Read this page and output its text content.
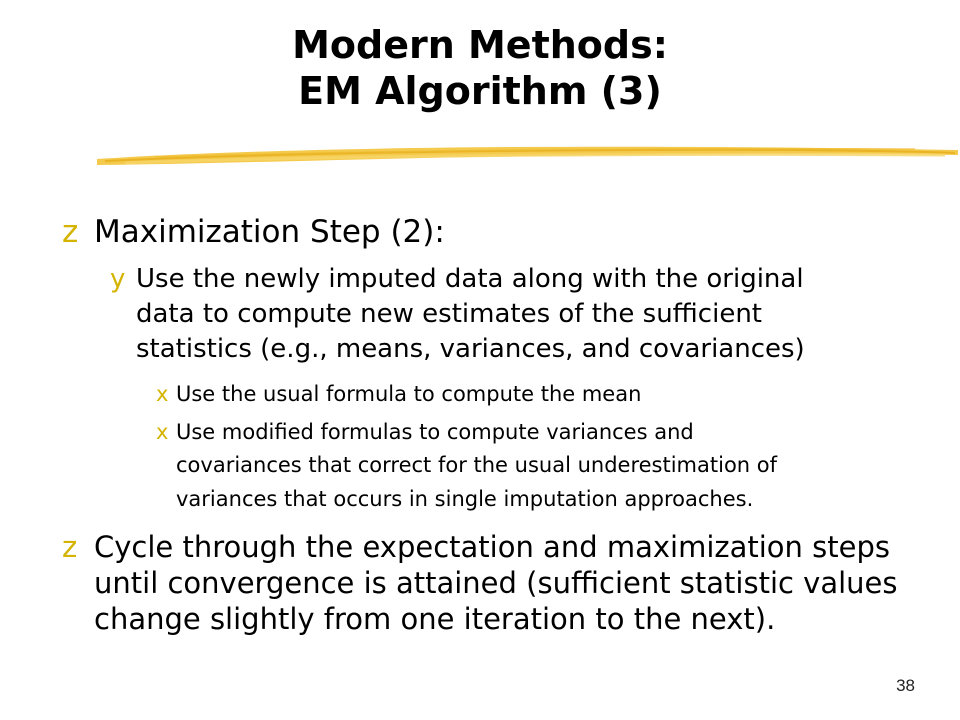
Modern Methods:
EM Algorithm (3)
z Maximization Step (2):
y Use the newly imputed data along with the original
data to compute new estimates of the sufficient
statistics (e.g., means, variances, and covariances)
x Use the usual formula to compute the mean
x Use modified formulas to compute variances and
covariances that correct for the usual underestimation of
variances that occurs in single imputation approaches.
z Cycle through the expectation and maximization steps
until convergence is attained (sufficient statistic values
change slightly from one iteration to the next).
38
